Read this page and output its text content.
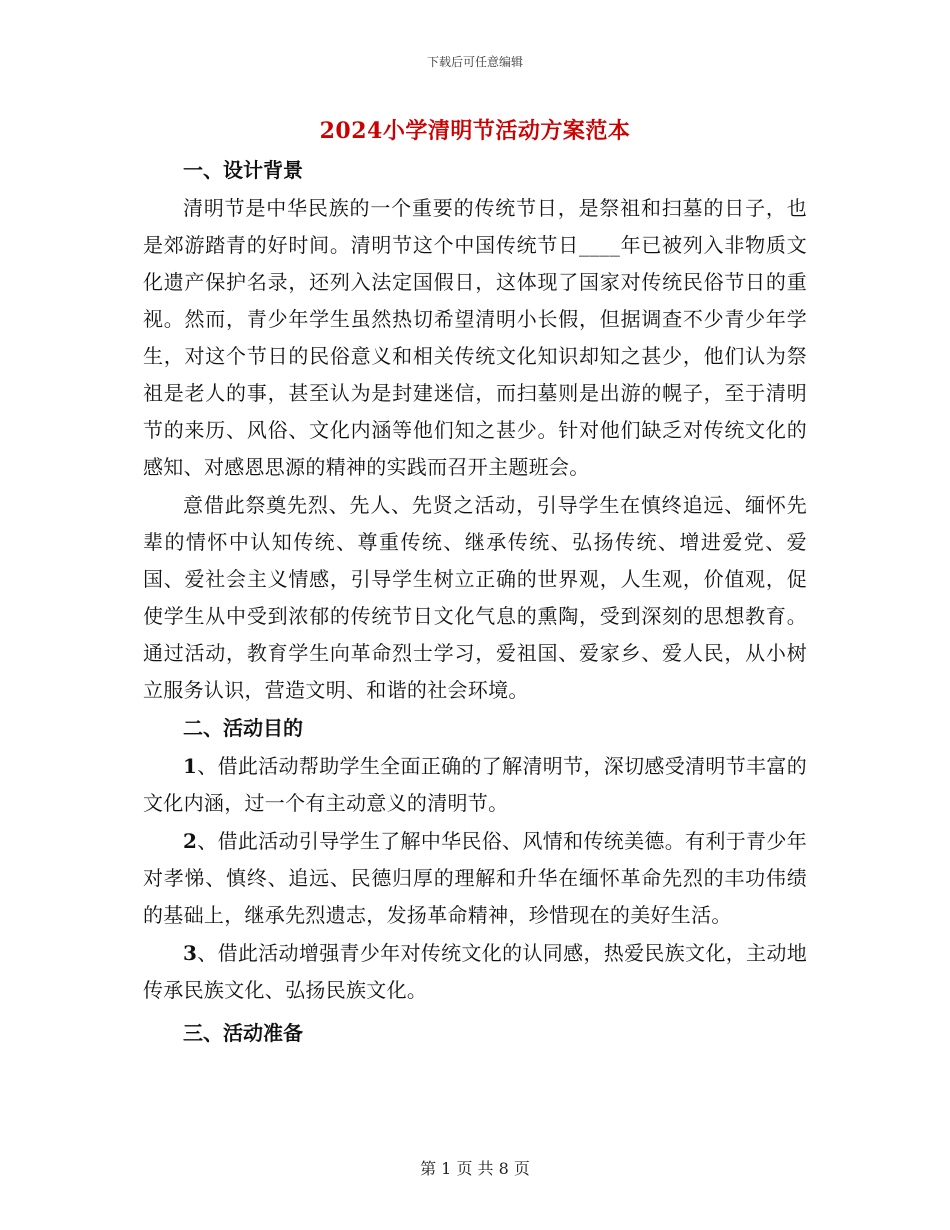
下载后可任意编辑
2024小学清明节活动方案范本
一、设计背景
清明节是中华民族的一个重要的传统节日，是祭祖和扫墓的日子，也是郊游踏青的好时间。清明节这个中国传统节日____年已被列入非物质文化遗产保护名录，还列入法定国假日，这体现了国家对传统民俗节日的重视。然而，青少年学生虽然热切希望清明小长假，但据调查不少青少年学生，对这个节日的民俗意义和相关传统文化知识却知之甚少，他们认为祭祖是老人的事，甚至认为是封建迷信，而扫墓则是出游的幌子，至于清明节的来历、风俗、文化内涵等他们知之甚少。针对他们缺乏对传统文化的感知、对感恩思源的精神的实践而召开主题班会。
意借此祭奠先烈、先人、先贤之活动，引导学生在慎终追远、缅怀先辈的情怀中认知传统、尊重传统、继承传统、弘扬传统、增进爱党、爱国、爱社会主义情感，引导学生树立正确的世界观，人生观，价值观，促使学生从中受到浓郁的传统节日文化气息的熏陶，受到深刻的思想教育。通过活动，教育学生向革命烈士学习，爱祖国、爱家乡、爱人民，从小树立服务认识，营造文明、和谐的社会环境。
二、活动目的
1、借此活动帮助学生全面正确的了解清明节，深切感受清明节丰富的文化内涵，过一个有主动意义的清明节。
2、借此活动引导学生了解中华民俗、风情和传统美德。有利于青少年对孝悌、慎终、追远、民德归厚的理解和升华在缅怀革命先烈的丰功伟绩的基础上，继承先烈遗志，发扬革命精神，珍惜现在的美好生活。
3、借此活动增强青少年对传统文化的认同感，热爱民族文化，主动地传承民族文化、弘扬民族文化。
三、活动准备
第 1 页 共 8 页
